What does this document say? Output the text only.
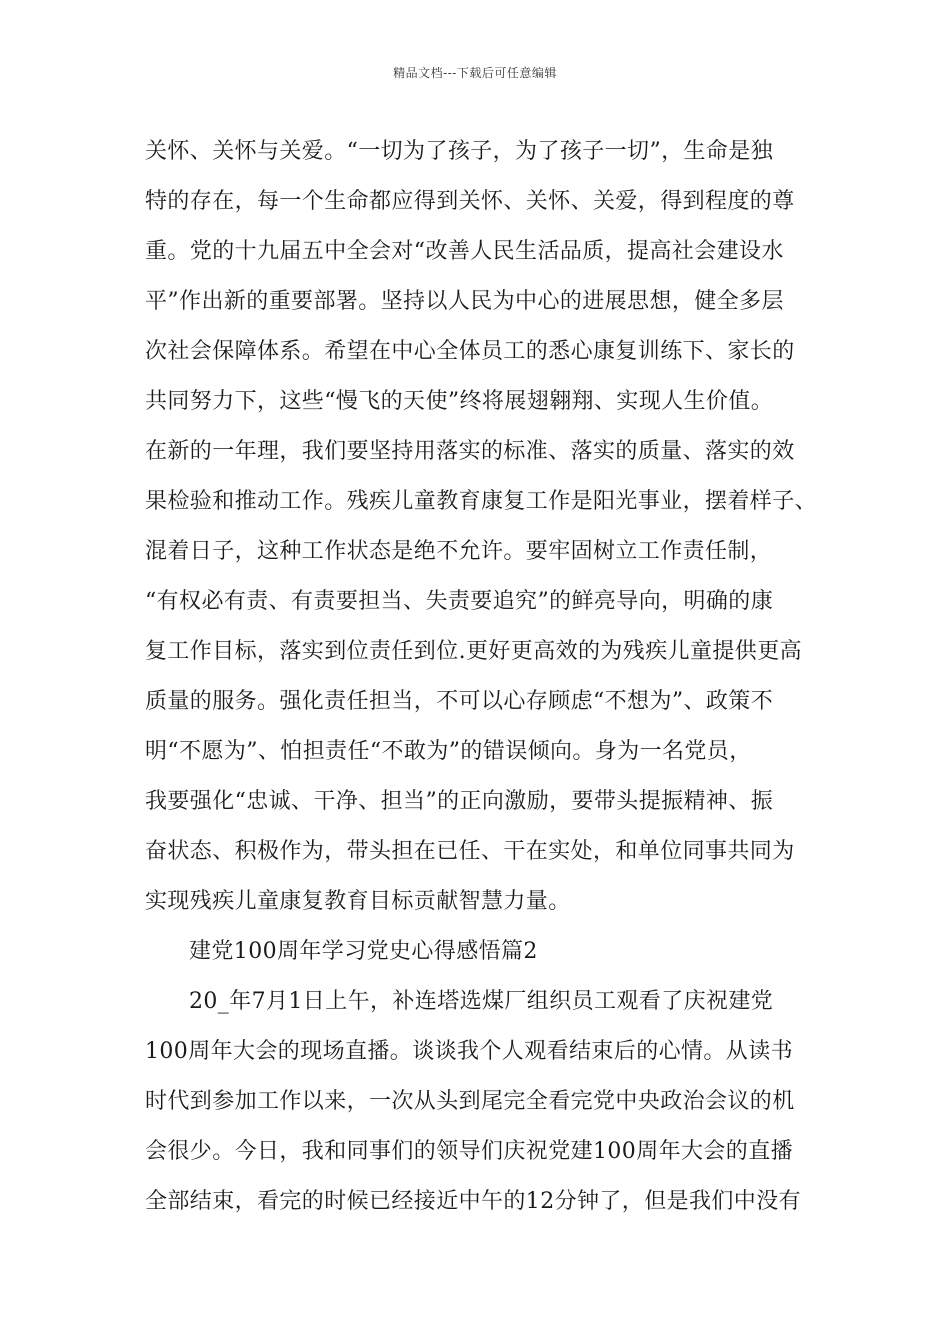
精品文档---下载后可任意编辑
关怀、关怀与关爱。“一切为了孩子，为了孩子一切”，生命是独
特的存在，每一个生命都应得到关怀、关怀、关爱，得到程度的尊
重。党的十九届五中全会对“改善人民生活品质，提高社会建设水
平”作出新的重要部署。坚持以人民为中心的进展思想，健全多层
次社会保障体系。希望在中心全体员工的悉心康复训练下、家长的
共同努力下，这些“慢飞的天使”终将展翅翱翔、实现人生价值。
在新的一年理，我们要坚持用落实的标准、落实的质量、落实的效
果检验和推动工作。残疾儿童教育康复工作是阳光事业，摆着样子、
混着日子，这种工作状态是绝不允许。要牢固树立工作责任制，
“有权必有责、有责要担当、失责要追究”的鲜亮导向，明确的康
复工作目标，落实到位责任到位.更好更高效的为残疾儿童提供更高
质量的服务。强化责任担当，不可以心存顾虑“不想为”、政策不
明“不愿为”、怕担责任“不敢为”的错误倾向。身为一名党员，
我要强化“忠诚、干净、担当”的正向激励，要带头提振精神、振
奋状态、积极作为，带头担在已任、干在实处，和单位同事共同为
实现残疾儿童康复教育目标贡献智慧力量。
建党100周年学习党史心得感悟篇2
20_年7月1日上午，补连塔选煤厂组织员工观看了庆祝建党
100周年大会的现场直播。谈谈我个人观看结束后的心情。从读书
时代到参加工作以来，一次从头到尾完全看完党中央政治会议的机
会很少。今日，我和同事们的领导们庆祝党建100周年大会的直播
全部结束，看完的时候已经接近中午的12分钟了，但是我们中没有
